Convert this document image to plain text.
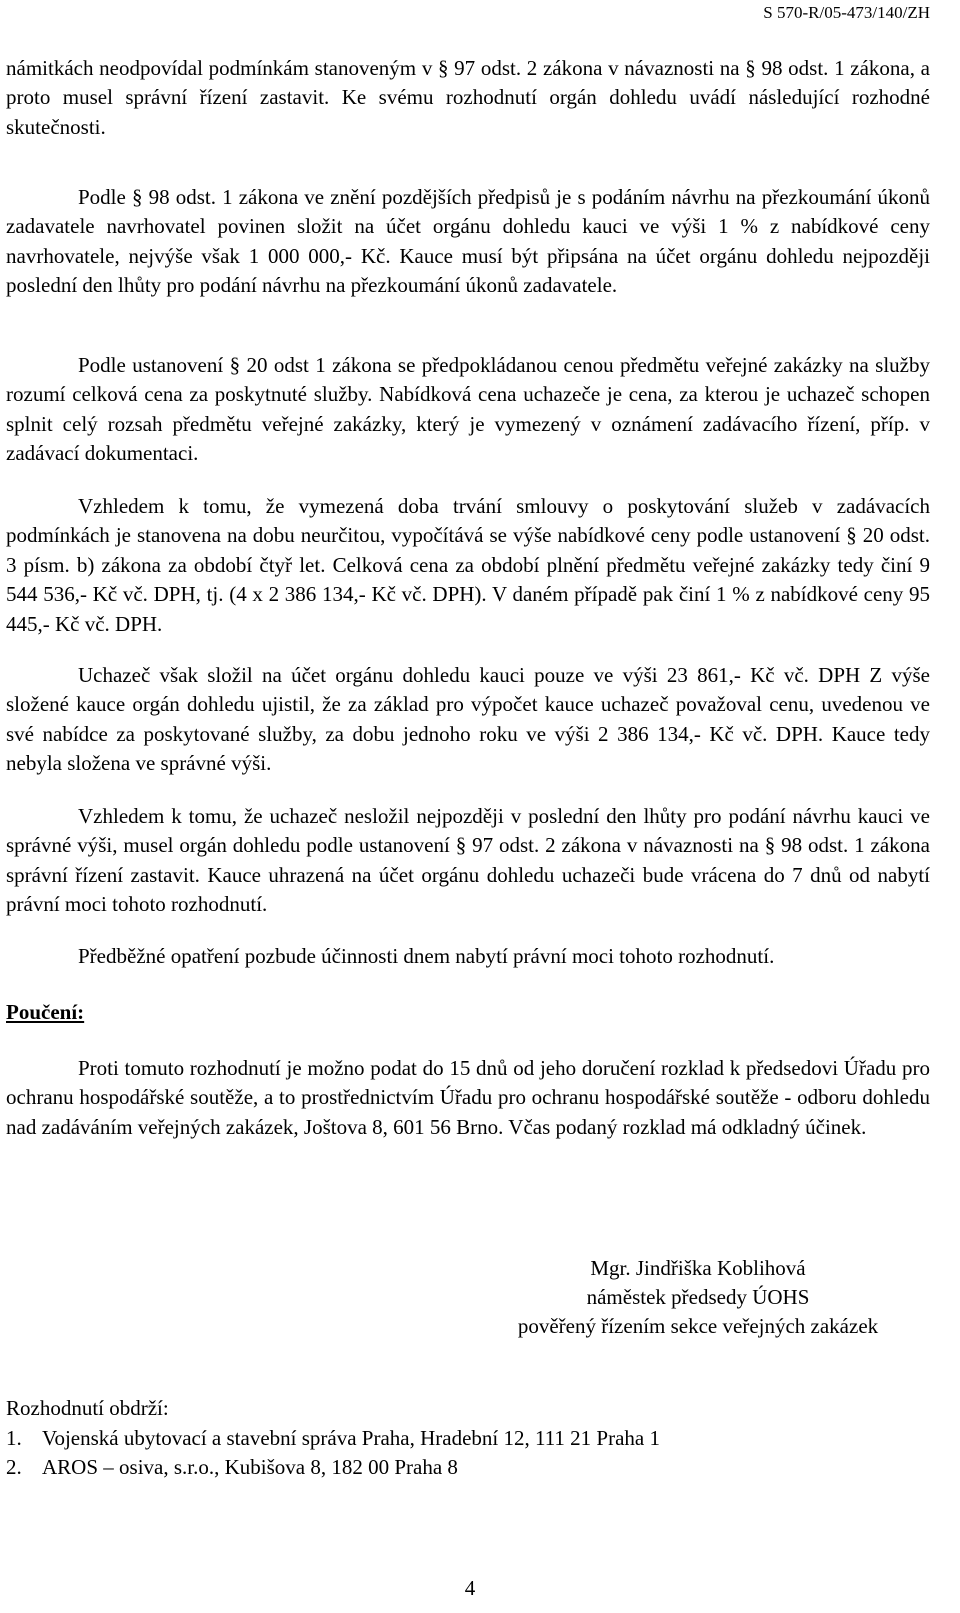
S 570-R/05-473/140/ZH

námitkách neodpovídal podmínkám stanoveným v § 97 odst. 2 zákona v návaznosti na § 98 odst. 1 zákona, a proto musel správní řízení zastavit. Ke svému rozhodnutí orgán dohledu uvádí následující rozhodné skutečnosti.

Podle § 98 odst. 1 zákona ve znění pozdějších předpisů je s podáním návrhu na přezkoumání úkonů zadavatele navrhovatel povinen složit na účet orgánu dohledu kauci ve výši 1 % z nabídkové ceny navrhovatele, nejvýše však 1 000 000,- Kč. Kauce musí být připsána na účet orgánu dohledu nejpozději poslední den lhůty pro podání návrhu na přezkoumání úkonů zadavatele.

Podle ustanovení § 20 odst 1 zákona se předpokládanou cenou předmětu veřejné zakázky na služby rozumí celková cena za poskytnuté služby. Nabídková cena uchazeče je cena, za kterou je uchazeč schopen splnit celý rozsah předmětu veřejné zakázky, který je vymezený v oznámení zadávacího řízení, příp. v zadávací dokumentaci.

Vzhledem k tomu, že vymezená doba trvání smlouvy o poskytování služeb v zadávacích podmínkách je stanovena na dobu neurčitou, vypočítává se výše nabídkové ceny podle ustanovení § 20 odst. 3 písm. b) zákona za období čtyř let. Celková cena za období plnění předmětu veřejné zakázky tedy činí 9 544 536,- Kč vč. DPH, tj. (4 x 2 386 134,- Kč vč. DPH). V daném případě pak činí 1 % z nabídkové ceny 95 445,- Kč vč. DPH.

Uchazeč však složil na účet orgánu dohledu kauci pouze ve výši 23 861,- Kč vč. DPH Z výše složené kauce orgán dohledu ujistil, že za základ pro výpočet kauce uchazeč považoval cenu, uvedenou ve své nabídce za poskytované služby, za dobu jednoho roku ve výši 2 386 134,- Kč vč. DPH. Kauce tedy nebyla složena ve správné výši.

Vzhledem k tomu, že uchazeč nesložil nejpozději v poslední den lhůty pro podání návrhu kauci ve správné výši, musel orgán dohledu podle ustanovení § 97 odst. 2 zákona v návaznosti na § 98 odst. 1 zákona správní řízení zastavit. Kauce uhrazená na účet orgánu dohledu uchazeči bude vrácena do 7 dnů od nabytí právní moci tohoto rozhodnutí.

Předběžné opatření pozbude účinnosti dnem nabytí právní moci tohoto rozhodnutí.

Poučení:

Proti tomuto rozhodnutí je možno podat do 15 dnů od jeho doručení rozklad k předsedovi Úřadu pro ochranu hospodářské soutěže, a to prostřednictvím Úřadu pro ochranu hospodářské soutěže - odboru dohledu nad zadáváním veřejných zakázek, Joštova 8, 601 56 Brno. Včas podaný rozklad má odkladný účinek.

Mgr. Jindřiška Koblihová
náměstek předsedy ÚOHS
pověřený řízením sekce veřejných zakázek
Rozhodnutí obdrží:
1. Vojenská ubytovací a stavební správa Praha, Hradební 12, 111 21 Praha 1
2. AROS – osiva, s.r.o., Kubišova 8, 182 00 Praha 8
4
